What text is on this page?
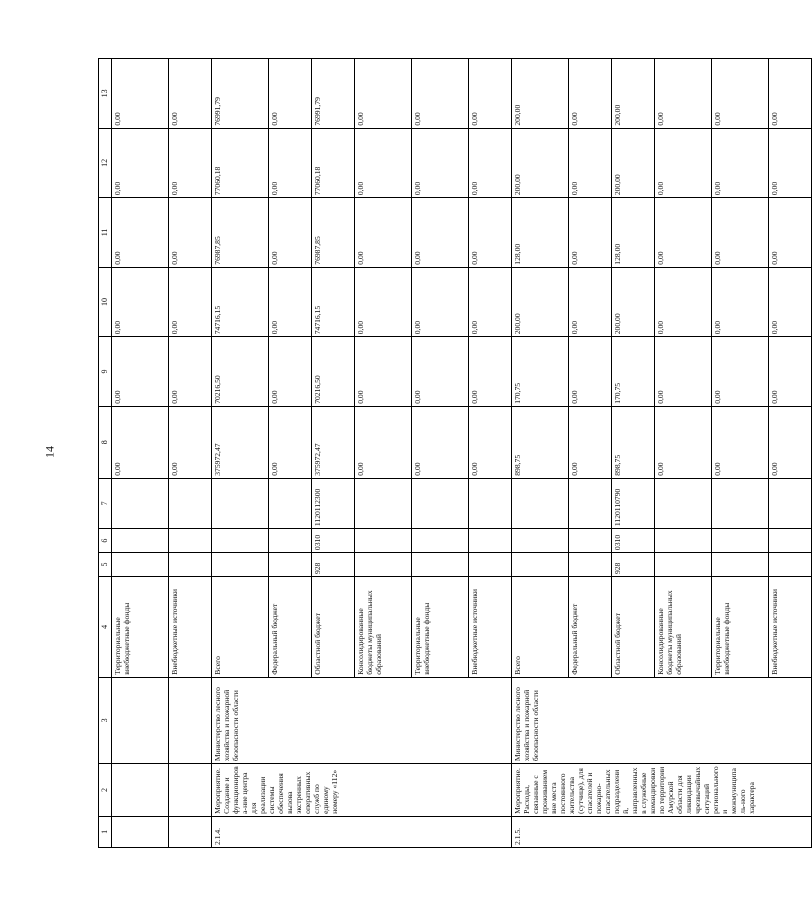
14
1	2	3	4	5	6	7	8	9	10	11	12	13
			Территориальные внебюджетные фонды				0,00	0,00	0,00	0,00	0,00	0,00
			Внебюджетные источники				0,00	0,00	0,00	0,00	0,00	0,00
2.1.4.	Мероприятие. Создание и функционирова-ние центра для реализации системы обеспечения вызова экстренных оперативных служб по единому номеру «112»	Министерство лесного хозяйства и пожарной безопасности области	Всего				375972,47	70216,50	74716,15	76987,85	77060,18	76991,79
			Федеральный бюджет				0,00	0,00	0,00	0,00	0,00	0,00
			Областной бюджет	928	0310	1120112300	375972,47	70216,50	74716,15	76987,85	77060,18	76991,79
			Консолидированные бюджеты муниципальных образований				0,00	0,00	0,00	0,00	0,00	0,00
			Территориальные внебюджетные фонды				0,00	0,00	0,00	0,00	0,00	0,00
			Внебюджетные источники				0,00	0,00	0,00	0,00	0,00	0,00
2.1.5.	Мероприятие. Расходы, связанные с проживанием вне места постоянного жительства (сутчице), для спасателей и пожарно-спасательных подразделений, направленных в служебные командировки по территории Амурской области для ликвидации чрезвычайных ситуаций регионального и межмуниципаль-ного характера	Министерство лесного хозяйства и пожарной безопасности области	Всего				898,75	170,75	200,00	128,00	200,00	200,00
			Федеральный бюджет				0,00	0,00	0,00	0,00	0,00	0,00
			Областной бюджет	928	0310	1120110790	898,75	170,75	200,00	128,00	200,00	200,00
			Консолидированные бюджеты муниципальных образований				0,00	0,00	0,00	0,00	0,00	0,00
			Территориальные внебюджетные фонды				0,00	0,00	0,00	0,00	0,00	0,00
			Внебюджетные источники				0,00	0,00	0,00	0,00	0,00	0,00
